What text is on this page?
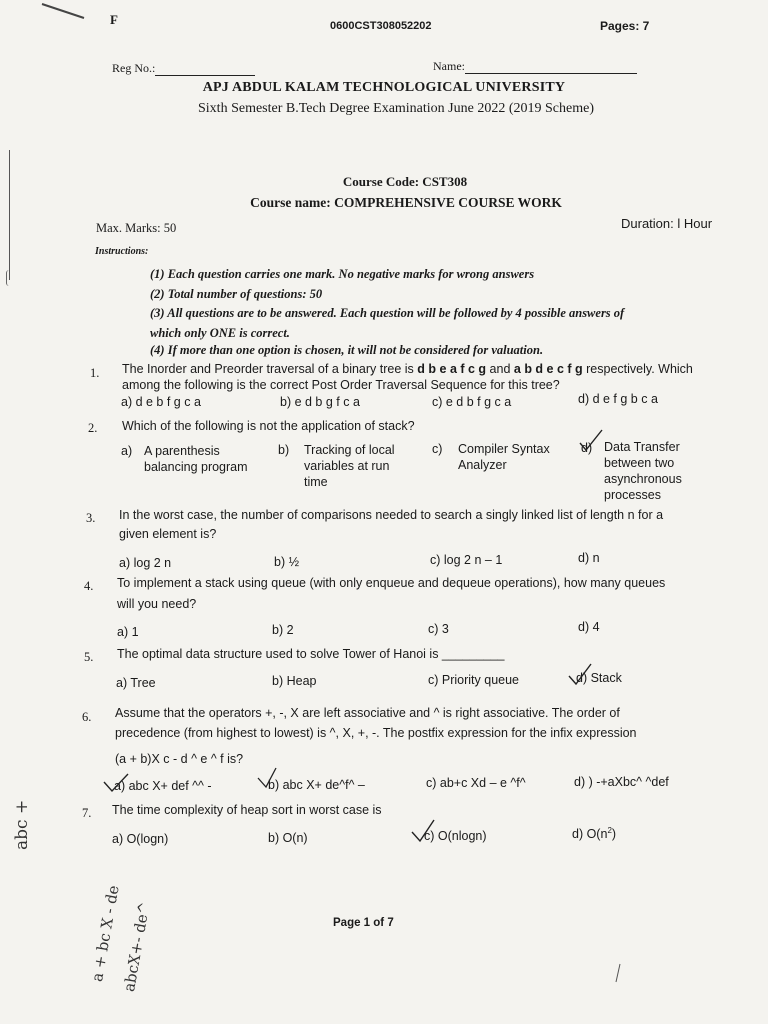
F	0600CST308052202	Pages: 7
Reg No.:	Name:
APJ ABDUL KALAM TECHNOLOGICAL UNIVERSITY
Sixth Semester B.Tech Degree Examination June 2022 (2019 Scheme)
Course Code: CST308
Course name: COMPREHENSIVE COURSE WORK
Max. Marks: 50	Duration: l Hour
Instructions:
(1) Each question carries one mark. No negative marks for wrong answers
(2) Total number of questions: 50
(3) All questions are to be answered. Each question will be followed by 4 possible answers of
which only ONE is correct.
(4) If more than one option is chosen, it will not be considered for valuation.
1. The Inorder and Preorder traversal of a binary tree is d b e a f c g and a b d e c f g respectively. Which
among the following is the correct Post Order Traversal Sequence for this tree?
a) d e b f g c a	b) e d b g f c a	c) e d b f g c a	d) d e f g b c a
2. Which of the following is not the application of stack?
a) A parenthesis
balancing program
b) Tracking of local
variables at run
time
c) Compiler Syntax
Analyzer
d) Data Transfer
between two
asynchronous
processes
3. In the worst case, the number of comparisons needed to search a singly linked list of length n for a
given element is?
a) log 2 n	b) ½	c) log 2 n – 1	d) n
4. To implement a stack using queue (with only enqueue and dequeue operations), how many queues
will you need?
a) 1	b) 2	c) 3	d) 4
5. The optimal data structure used to solve Tower of Hanoi is _________
a) Tree	b) Heap	c) Priority queue	d) Stack
6. Assume that the operators +, -, X are left associative and ^ is right associative. The order of
precedence (from highest to lowest) is ^, X, +, -. The postfix expression for the infix expression
(a + b)X c - d ^ e ^ f is?
a) abc X+ def ^^ -	b) abc X+ de^f^ –	c) ab+c Xd – e ^f^	d) ) -+aXbc^ ^def
7. The time complexity of heap sort in worst case is
a) O(logn)	b) O(n)	c) O(nlogn)	d) $O(n^2)$
abc +
a + bc X - de
abcX+- de^	Page 1 of 7
